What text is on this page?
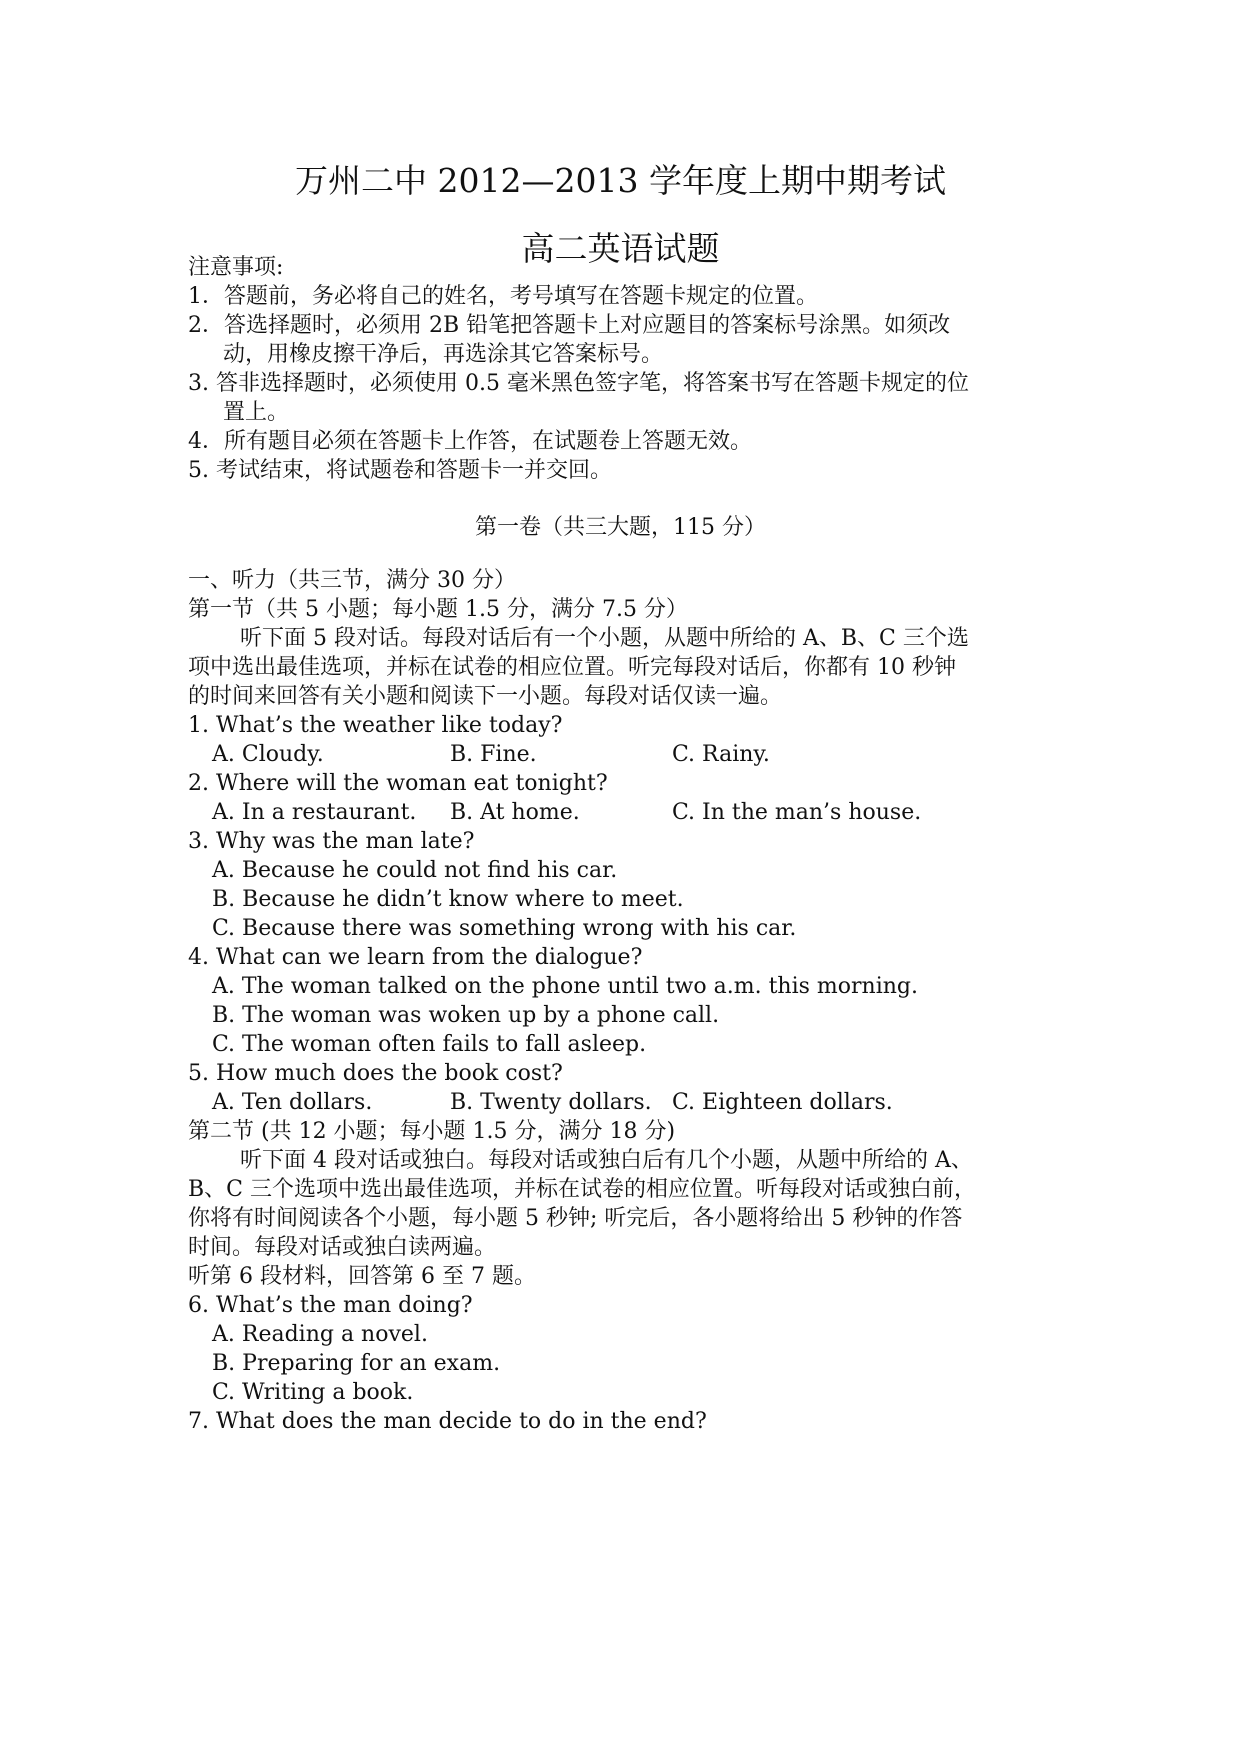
万州二中 2012—2013 学年度上期中期考试
高二英语试题
注意事项:
1．答题前，务必将自己的姓名，考号填写在答题卡规定的位置。
2．答选择题时，必须用 2B 铅笔把答题卡上对应题目的答案标号涂黑。如须改
动，用橡皮擦干净后，再选涂其它答案标号。
3. 答非选择题时，必须使用 0.5 毫米黑色签字笔，将答案书写在答题卡规定的位
置上。
4．所有题目必须在答题卡上作答，在试题卷上答题无效。
5. 考试结束，将试题卷和答题卡一并交回。
第一卷（共三大题，115 分）
一、听力（共三节，满分 30 分）
第一节（共 5 小题；每小题 1.5 分，满分 7.5 分）
听下面 5 段对话。每段对话后有一个小题，从题中所给的 A、B、C 三个选
项中选出最佳选项，并标在试卷的相应位置。听完每段对话后，你都有 10 秒钟
的时间来回答有关小题和阅读下一小题。每段对话仅读一遍。
1. What’s the weather like today?
A. Cloudy.	B. Fine.	C. Rainy.
2. Where will the woman eat tonight?
A. In a restaurant. B. At home.	C. In the man’s house.
3. Why was the man late?
A. Because he could not find his car.
B. Because he didn’t know where to meet.
C. Because there was something wrong with his car.
4. What can we learn from the dialogue?
A. The woman talked on the phone until two a.m. this morning.
B. The woman was woken up by a phone call.
C. The woman often fails to fall asleep.
5. How much does the book cost?
A. Ten dollars.	B. Twenty dollars. C. Eighteen dollars.
第二节 (共 12 小题；每小题 1.5 分，满分 18 分)
听下面 4 段对话或独白。每段对话或独白后有几个小题，从题中所给的 A、
B、C 三个选项中选出最佳选项，并标在试卷的相应位置。听每段对话或独白前，
你将有时间阅读各个小题，每小题 5 秒钟; 听完后，各小题将给出 5 秒钟的作答
时间。每段对话或独白读两遍。
听第 6 段材料，回答第 6 至 7 题。
6. What’s the man doing?
A. Reading a novel.
B. Preparing for an exam.
C. Writing a book.
7. What does the man decide to do in the end?
